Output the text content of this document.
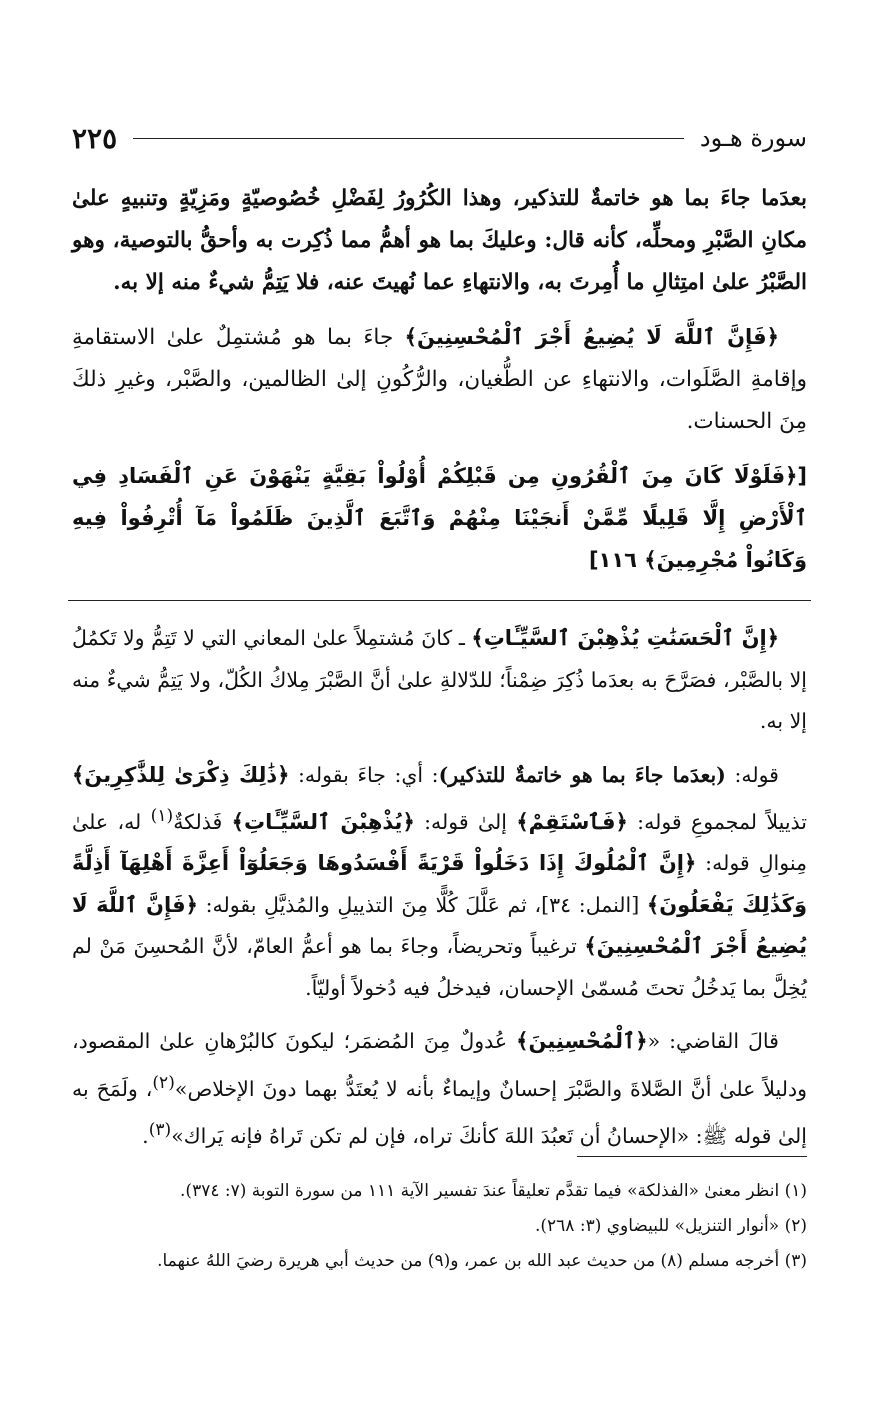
سورة هـود
٢٢٥

بعدَما جاءَ بما هو خاتمةٌ للتذكير، وهذا الكُرُورُ لِفَضْلِ خُصُوصيّةٍ ومَزِيّةٍ وتنبيهٍ علىٰ مكانِ الصَّبْرِ ومحلِّه، كأنه قال: وعليكَ بما هو أهمُّ مما ذُكِرت به وأحقُّ بالتوصية، وهو الصَّبْرُ علىٰ امتِثالِ ما أُمِرتَ به، والانتهاءِ عما نُهيتَ عنه، فلا يَتِمُّ شيءٌ منه إلا به.

﴿فَإِنَّ ٱللَّهَ لَا يُضِيعُ أَجْرَ ٱلْمُحْسِنِينَ﴾ جاءَ بما هو مُشتمِلٌ علىٰ الاستقامةِ وإقامةِ الصَّلَوات، والانتهاءِ عن الطُّغيان، والرُّكُونِ إلىٰ الظالمين، والصَّبْر، وغيرِ ذلكَ مِنَ الحسنات.

[﴿فَلَوْلَا كَانَ مِنَ ٱلْقُرُونِ مِن قَبْلِكُمْ أُوْلُواْ بَقِيَّةٍ يَنْهَوْنَ عَنِ ٱلْفَسَادِ فِي ٱلْأَرْضِ إِلَّا قَلِيلًا مِّمَّنْ أَنجَيْنَا مِنْهُمْ وَٱتَّبَعَ ٱلَّذِينَ ظَلَمُواْ مَآ أُتْرِفُواْ فِيهِ وَكَانُواْ مُجْرِمِينَ﴾ ١١٦]

﴿إِنَّ ٱلْحَسَنَٰتِ يُذْهِبْنَ ٱلسَّيِّـَٔاتِ﴾ ـ كانَ مُشتمِلاً علىٰ المعاني التي لا تَتِمُّ ولا تَكمُلُ إلا بالصَّبْر، فصَرَّحَ به بعدَما ذُكِرَ ضِمْناً؛ للدّلالةِ علىٰ أنَّ الصَّبْرَ مِلاكُ الكُلّ، ولا يَتِمُّ شيءٌ منه إلا به.

قوله: (بعدَما جاءَ بما هو خاتمةٌ للتذكير): أي: جاءَ بقوله: ﴿ذَٰلِكَ ذِكْرَىٰ لِلذَّٰكِرِينَ﴾ تذييلاً لمجموعِ قوله: ﴿فَٱسْتَقِمْ﴾ إلىٰ قوله: ﴿يُذْهِبْنَ ٱلسَّيِّـَٔاتِ﴾ فَذلكةٌ$^{(١)}$ له، علىٰ مِنوالِ قوله: ﴿إِنَّ ٱلْمُلُوكَ إِذَا دَخَلُواْ قَرْيَةً أَفْسَدُوهَا وَجَعَلُوٓاْ أَعِزَّةَ أَهْلِهَآ أَذِلَّةً وَكَذَٰلِكَ يَفْعَلُونَ﴾ [النمل: ٣٤]، ثم عَلَّلَ كُلًّا مِنَ التذييلِ والمُذيَّلِ بقوله: ﴿فَإِنَّ ٱللَّهَ لَا يُضِيعُ أَجْرَ ٱلْمُحْسِنِينَ﴾ ترغيباً وتحريضاً، وجاءَ بما هو أعمُّ العامّ، لأنَّ المُحسِنَ مَنْ لم يُخِلَّ بما يَدخُلُ تحتَ مُسمّىٰ الإحسان، فيدخلُ فيه دُخولاً أوليّاً.

قالَ القاضي: «﴿ٱلْمُحْسِنِينَ﴾ عُدولٌ مِنَ المُضمَر؛ ليكونَ كالبُرْهانِ علىٰ المقصود، ودليلاً علىٰ أنَّ الصَّلاةَ والصَّبْرَ إحسانٌ وإيماءٌ بأنه لا يُعتَدُّ بهما دونَ الإخلاص»$^{(٢)}$، ولَمَحَ به إلىٰ قوله ﷺ: «الإحسانُ أن تَعبُدَ اللهَ كأنكَ تراه، فإن لم تكن تَراهُ فإنه يَراك»$^{(٣)}$.

(١) انظر معنىٰ «الفذلكة» فيما تقدَّم تعليقاً عندَ تفسير الآية ١١١ من سورة التوبة (٧: ٣٧٤).

(٢) «أنوار التنزيل» للبيضاوي (٣: ٢٦٨).

(٣) أخرجه مسلم (٨) من حديث عبد الله بن عمر، و(٩) من حديث أبي هريرة رضيَ اللهُ عنهما.
